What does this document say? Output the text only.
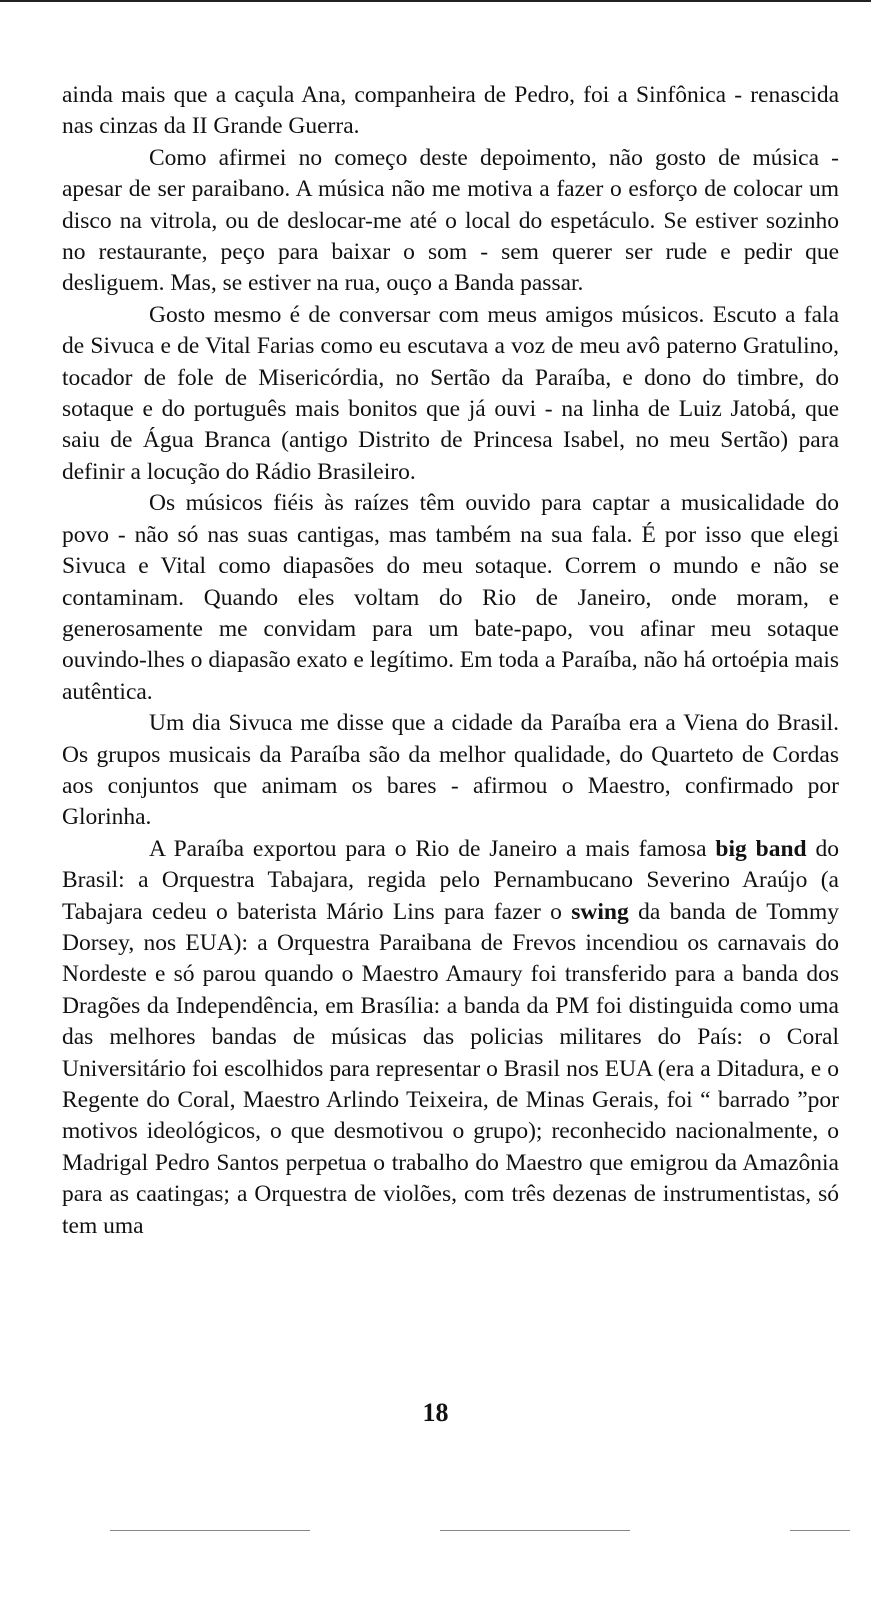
ainda mais que a caçula Ana, companheira de Pedro, foi a Sinfônica - renascida nas cinzas da II Grande Guerra.

Como afirmei no começo deste depoimento, não gosto de música - apesar de ser paraibano. A música não me motiva a fazer o esforço de colocar um disco na vitrola, ou de deslocar-me até o local do espetáculo. Se estiver sozinho no restaurante, peço para baixar o som - sem querer ser rude e pedir que desliguem. Mas, se estiver na rua, ouço a Banda passar.

Gosto mesmo é de conversar com meus amigos músicos. Escuto a fala de Sivuca e de Vital Farias como eu escutava a voz de meu avô paterno Gratulino, tocador de fole de Misericórdia, no Sertão da Paraíba, e dono do timbre, do sotaque e do português mais bonitos que já ouvi - na linha de Luiz Jatobá, que saiu de Água Branca (antigo Distrito de Princesa Isabel, no meu Sertão) para definir a locução do Rádio Brasileiro.

Os músicos fiéis às raízes têm ouvido para captar a musicalidade do povo - não só nas suas cantigas, mas também na sua fala. É por isso que elegi Sivuca e Vital como diapasões do meu sotaque. Correm o mundo e não se contaminam. Quando eles voltam do Rio de Janeiro, onde moram, e generosamente me convidam para um bate-papo, vou afinar meu sotaque ouvindo-lhes o diapasão exato e legítimo. Em toda a Paraíba, não há ortoépia mais autêntica.

Um dia Sivuca me disse que a cidade da Paraíba era a Viena do Brasil. Os grupos musicais da Paraíba são da melhor qualidade, do Quarteto de Cordas aos conjuntos que animam os bares - afirmou o Maestro, confirmado por Glorinha.

A Paraíba exportou para o Rio de Janeiro a mais famosa big band do Brasil: a Orquestra Tabajara, regida pelo Pernambucano Severino Araújo (a Tabajara cedeu o baterista Mário Lins para fazer o swing da banda de Tommy Dorsey, nos EUA): a Orquestra Paraibana de Frevos incendiou os carnavais do Nordeste e só parou quando o Maestro Amaury foi transferido para a banda dos Dragões da Independência, em Brasília: a banda da PM foi distinguida como uma das melhores bandas de músicas das policias militares do País: o Coral Universitário foi escolhidos para representar o Brasil nos EUA (era a Ditadura, e o Regente do Coral, Maestro Arlindo Teixeira, de Minas Gerais, foi “ barrado ”por motivos ideológicos, o que desmotivou o grupo); reconhecido nacionalmente, o Madrigal Pedro Santos perpetua o trabalho do Maestro que emigrou da Amazônia para as caatingas; a Orquestra de violões, com três dezenas de instrumentistas, só tem uma

18
